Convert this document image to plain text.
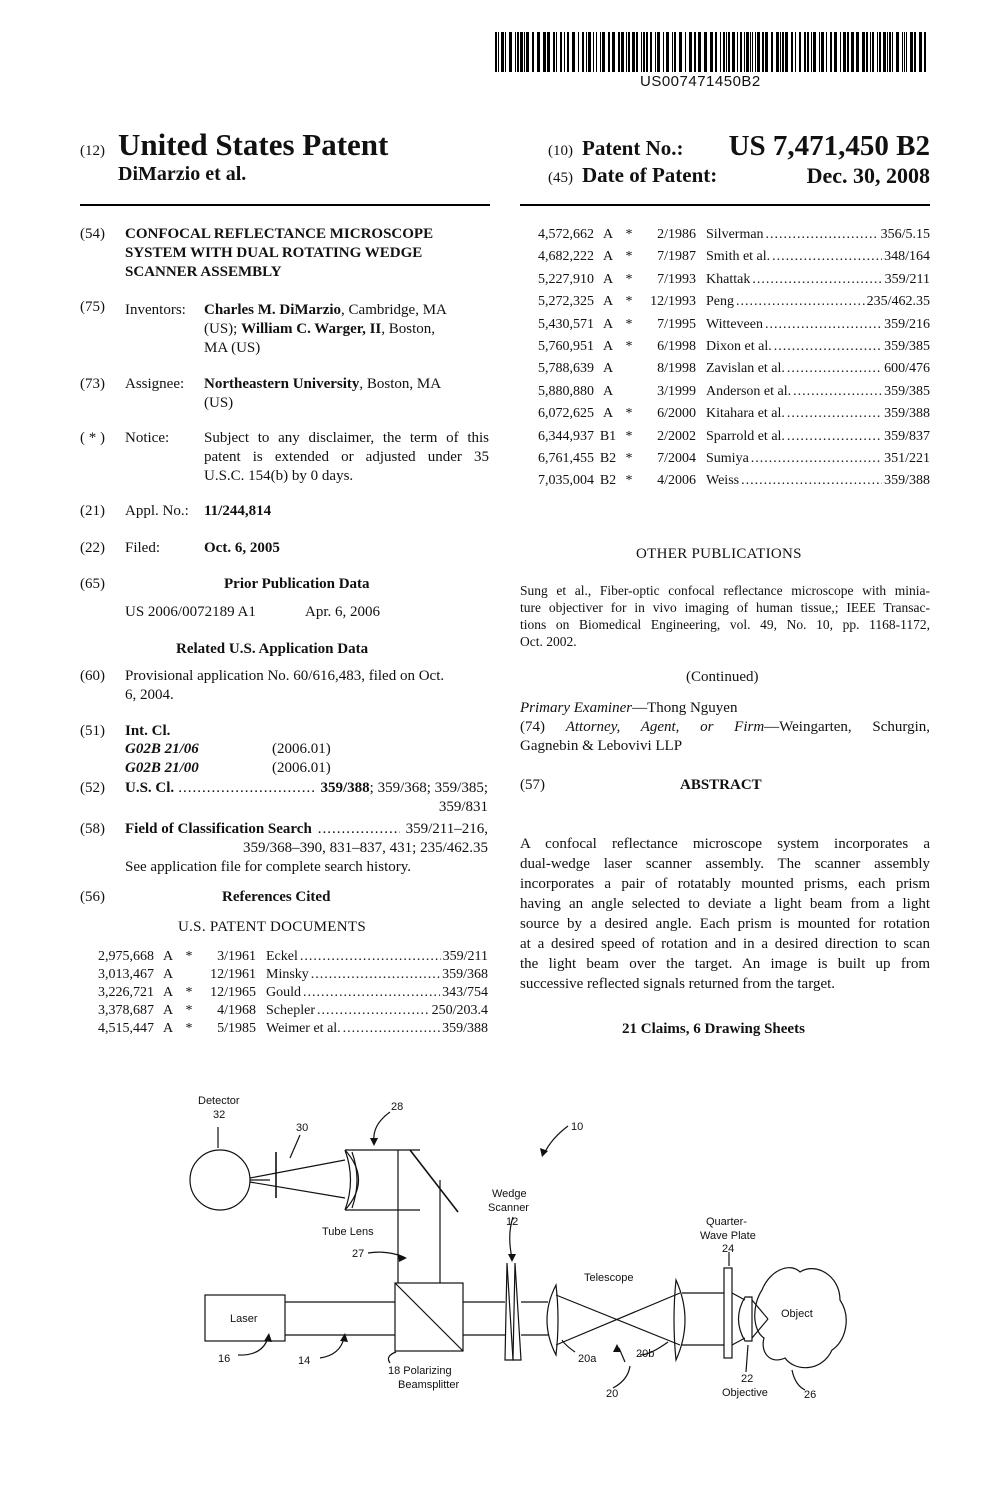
US007471450B2
(12) United States Patent
DiMarzio et al.
(10) Patent No.: US 7,471,450 B2
(45) Date of Patent:	Dec. 30, 2008
(54) CONFOCAL REFLECTANCE MICROSCOPE
SYSTEM WITH DUAL ROTATING WEDGE
SCANNER ASSEMBLY
(75) Inventors: Charles M. DiMarzio, Cambridge, MA
(US); William C. Warger, II, Boston,
MA (US)
(73) Assignee: Northeastern University, Boston, MA
(US)
( * ) Notice: Subject to any disclaimer, the term of this
patent is extended or adjusted under 35
U.S.C. 154(b) by 0 days.
(21) Appl. No.: 11/244,814
(22) Filed:	Oct. 6, 2005
(65)	Prior Publication Data
US 2006/0072189 A1	Apr. 6, 2006
Related U.S. Application Data
(60) Provisional application No. 60/616,483, filed on Oct.
6, 2004.
(51) Int. Cl.
G02B 21/06	(2006.01)
G02B 21/00	(2006.01)
(52) U.S. Cl. .....	359/388 ; 359/368; 359/385;
359/831
(58) Field of Classification Search .....	359/211–216,
359/368–390, 831–837, 431; 235/462.35
See application file for complete search history.
(56)	References Cited
U.S. PATENT DOCUMENTS
2,975,668 A *	3/1961 Eckel .....	359/211
3,013,467 A	12/1961 Minsky .....	359/368
3,226,721 A *	12/1965 Gould .....	343/754
3,378,687 A *	4/1968 Schepler .....	250/203.4
4,515,447 A *	5/1985 Weimer et al. .....	359/388
4,572,662 A *	2/1986 Silverman .....	356/5.15
4,682,222 A *	7/1987 Smith et al. .....	348/164
5,227,910 A *	7/1993 Khattak .....	359/211
5,272,325 A *	12/1993 Peng .....	235/462.35
5,430,571 A *	7/1995 Witteveen .....	359/216
5,760,951 A *	6/1998 Dixon et al. .....	359/385
5,788,639 A	8/1998 Zavislan et al. .....	600/476
5,880,880 A	3/1999 Anderson et al. .....	359/385
6,072,625 A *	6/2000 Kitahara et al. .....	359/388
6,344,937 B1 *	2/2002 Sparrold et al. .....	359/837
6,761,455 B2 *	7/2004 Sumiya .....	351/221
7,035,004 B2 *	4/2006 Weiss .....	359/388
OTHER PUBLICATIONS
Sung et al., Fiber-optic confocal reflectance microscope with minia-
ture objectiver for in vivo imaging of human tissue,; IEEE Transac-
tions on Biomedical Engineering, vol. 49, No. 10, pp. 1168-1172,
Oct. 2002.
(Continued)
Primary Examiner—Thong Nguyen
(74) Attorney, Agent, or Firm—Weingarten, Schurgin,
Gagnebin & Lebovivi LLP
(57)	ABSTRACT
A confocal reflectance microscope system incorporates a
dual-wedge laser scanner assembly. The scanner assembly
incorporates a pair of rotatably mounted prisms, each prism
having an angle selected to deviate a light beam from a light
source by a desired angle. Each prism is mounted for rotation
at a desired speed of rotation and in a desired direction to scan
the light beam over the target. An image is built up from
successive reflected signals returned from the target.
21 Claims, 6 Drawing Sheets
Detector
32
30
28
10
Tube Lens
27
Wedge
Scanner
12
Telescope
Quarter-
Wave Plate
24
Object
Laser
16	14
18 Polarizing
Beamsplitter
20a	20b
20
22
Objective	26
